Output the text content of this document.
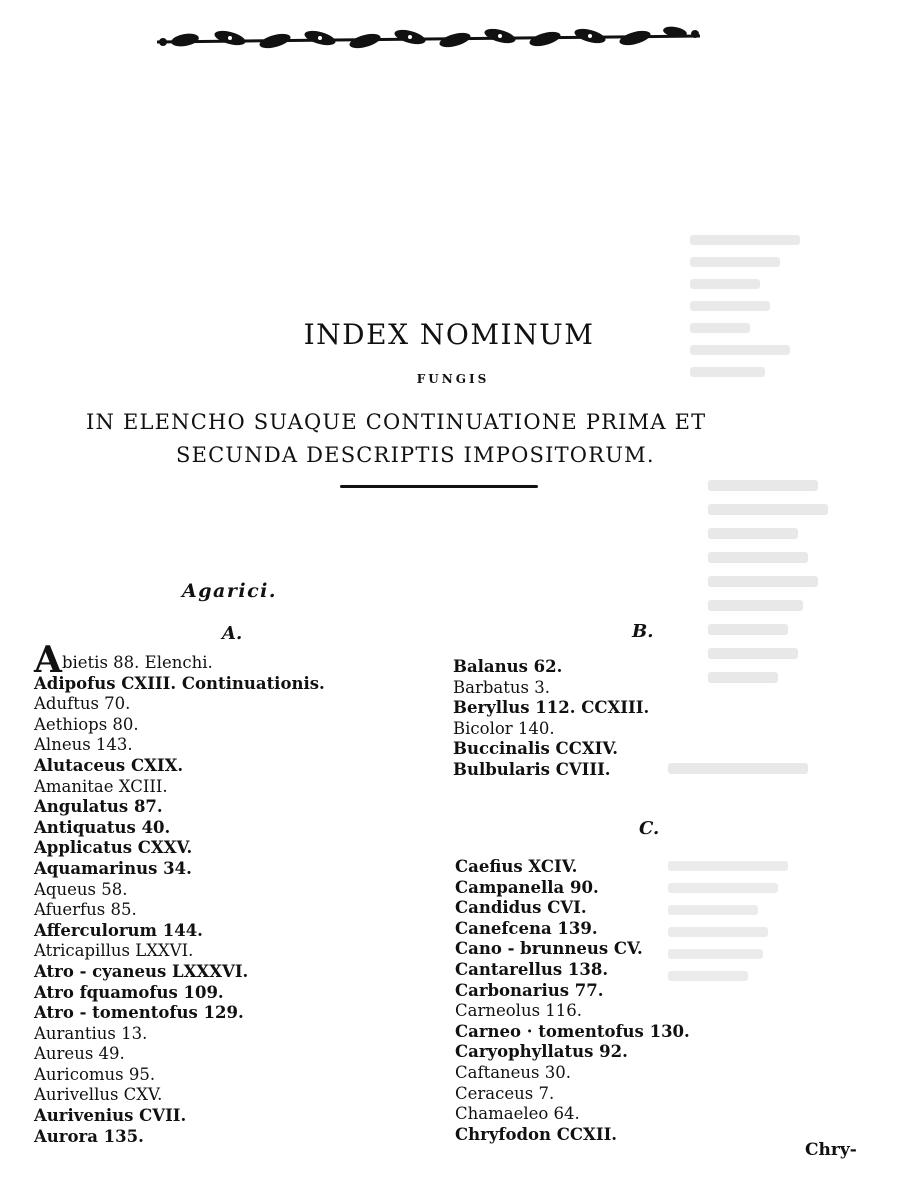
INDEX NOMINUM
FUNGIS
IN ELENCHO SUAQUE CONTINUATIONE PRIMA ET
SECUNDA DESCRIPTIS IMPOSITORUM.
Agarici.
A.	B.
C.
Abietis 88. Elenchi.
Adipofus CXIII. Continuationis.
Aduftus 70.
Aethiops 80.
Alneus 143.
Alutaceus CXIX.
Amanitae XCIII.
Angulatus 87.
Antiquatus 40.
Applicatus CXXV.
Aquamarinus 34.
Aqueus 58.
Afuerfus 85.
Afferculorum 144.
Atricapillus LXXVI.
Atro - cyaneus LXXXVI.
Atro fquamofus 109.
Atro - tomentofus 129.
Aurantius 13.
Aureus 49.
Auricomus 95.
Aurivellus CXV.
Aurivenius CVII.
Aurora 135.
Balanus 62.
Barbatus 3.
Beryllus 112. CCXIII.
Bicolor 140.
Buccinalis CCXIV.
Bulbularis CVIII.
Caefius XCIV.
Campanella 90.
Candidus CVI.
Canefcena 139.
Cano - brunneus CV.
Cantarellus 138.
Carbonarius 77.
Carneolus 116.
Carneo · tomentofus 130.
Caryophyllatus 92.
Caftaneus 30.
Ceraceus 7.
Chamaeleo 64.
Chryfodon CCXII.
Chry-
